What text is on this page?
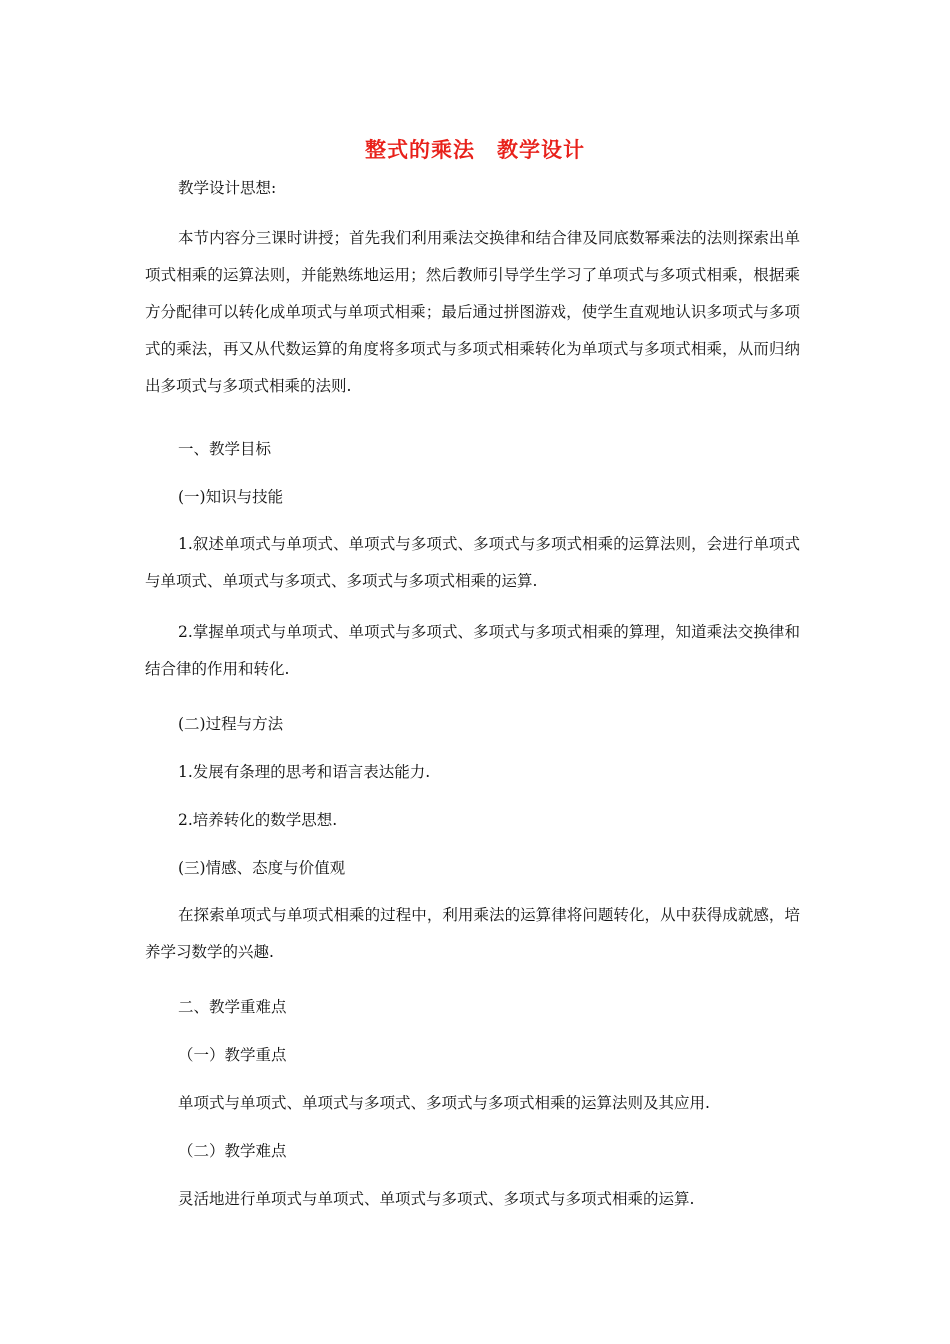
整式的乘法　教学设计

教学设计思想:

本节内容分三课时讲授；首先我们利用乘法交换律和结合律及同底数幂乘法的法则探索出单项式相乘的运算法则，并能熟练地运用；然后教师引导学生学习了单项式与多项式相乘，根据乘方分配律可以转化成单项式与单项式相乘；最后通过拼图游戏，使学生直观地认识多项式与多项式的乘法，再又从代数运算的角度将多项式与多项式相乘转化为单项式与多项式相乘，从而归纳出多项式与多项式相乘的法则.

一、教学目标

(一)知识与技能

1.叙述单项式与单项式、单项式与多项式、多项式与多项式相乘的运算法则，会进行单项式与单项式、单项式与多项式、多项式与多项式相乘的运算.

2.掌握单项式与单项式、单项式与多项式、多项式与多项式相乘的算理，知道乘法交换律和结合律的作用和转化.

(二)过程与方法

1.发展有条理的思考和语言表达能力.

2.培养转化的数学思想.

(三)情感、态度与价值观

在探索单项式与单项式相乘的过程中，利用乘法的运算律将问题转化，从中获得成就感，培养学习数学的兴趣.

二、教学重难点

（一）教学重点

单项式与单项式、单项式与多项式、多项式与多项式相乘的运算法则及其应用.

（二）教学难点

灵活地进行单项式与单项式、单项式与多项式、多项式与多项式相乘的运算.
